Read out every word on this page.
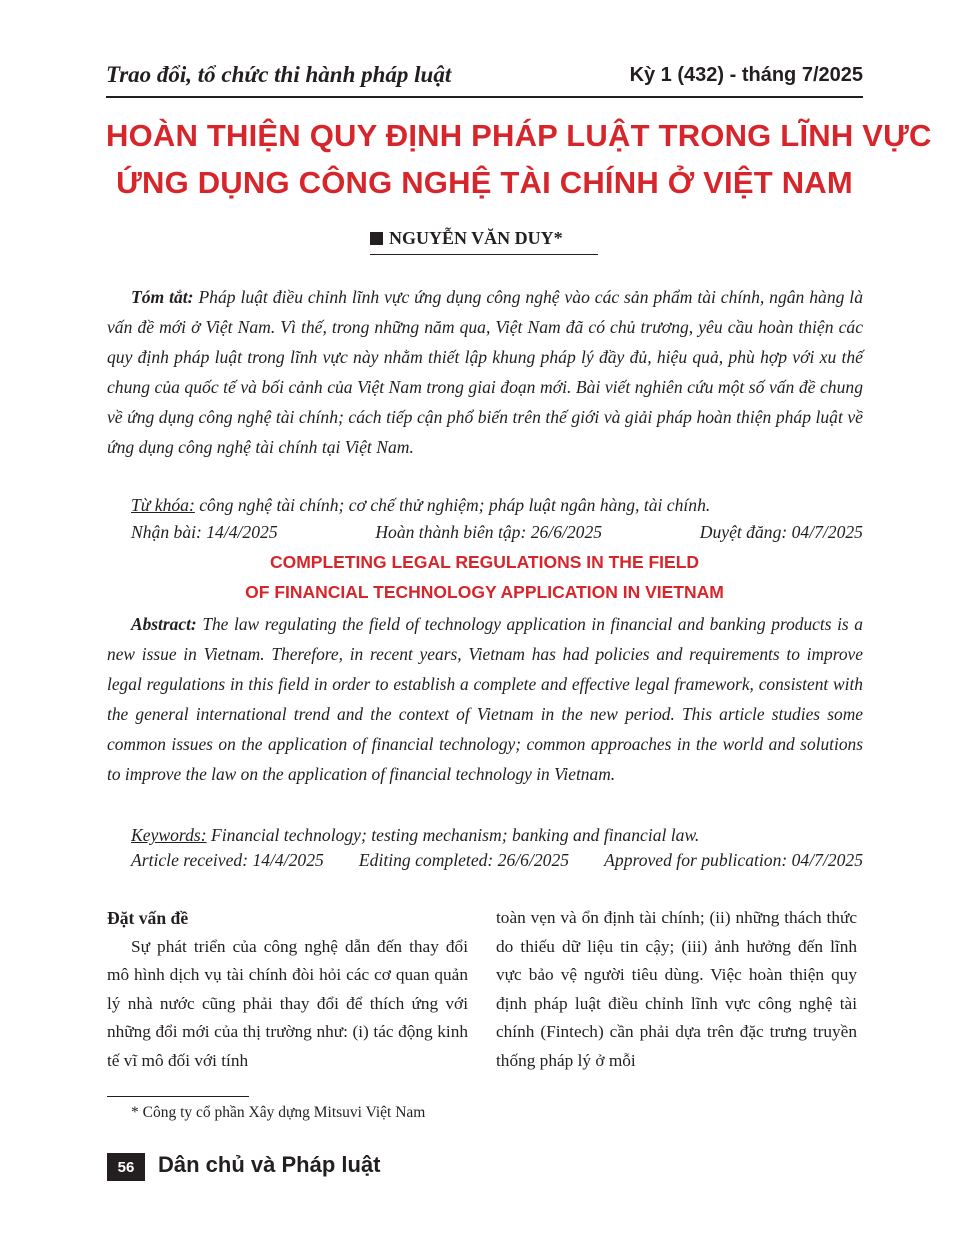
Trao đổi, tổ chức thi hành pháp luật	Kỳ 1 (432) - tháng 7/2025
HOÀN THIỆN QUY ĐỊNH PHÁP LUẬT TRONG LĨNH VỰC
ỨNG DỤNG CÔNG NGHỆ TÀI CHÍNH Ở VIỆT NAM
NGUYỄN VĂN DUY*
Tóm tắt: Pháp luật điều chỉnh lĩnh vực ứng dụng công nghệ vào các sản phẩm tài chính, ngân hàng là vấn đề mới ở Việt Nam. Vì thế, trong những năm qua, Việt Nam đã có chủ trương, yêu cầu hoàn thiện các quy định pháp luật trong lĩnh vực này nhằm thiết lập khung pháp lý đầy đủ, hiệu quả, phù hợp với xu thế chung của quốc tế và bối cảnh của Việt Nam trong giai đoạn mới. Bài viết nghiên cứu một số vấn đề chung về ứng dụng công nghệ tài chính; cách tiếp cận phổ biến trên thế giới và giải pháp hoàn thiện pháp luật về ứng dụng công nghệ tài chính tại Việt Nam.
Từ khóa: công nghệ tài chính; cơ chế thử nghiệm; pháp luật ngân hàng, tài chính.
Nhận bài: 14/4/2025	Hoàn thành biên tập: 26/6/2025	Duyệt đăng: 04/7/2025
COMPLETING LEGAL REGULATIONS IN THE FIELD
OF FINANCIAL TECHNOLOGY APPLICATION IN VIETNAM
Abstract: The law regulating the field of technology application in financial and banking products is a new issue in Vietnam. Therefore, in recent years, Vietnam has had policies and requirements to improve legal regulations in this field in order to establish a complete and effective legal framework, consistent with the general international trend and the context of Vietnam in the new period. This article studies some common issues on the application of financial technology; common approaches in the world and solutions to improve the law on the application of financial technology in Vietnam.
Keywords: Financial technology; testing mechanism; banking and financial law.
Article received: 14/4/2025 Editing completed: 26/6/2025 Approved for publication: 04/7/2025
Đặt vấn đề
Sự phát triển của công nghệ dẫn đến thay đổi mô hình dịch vụ tài chính đòi hỏi các cơ quan quản lý nhà nước cũng phải thay đổi để thích ứng với những đổi mới của thị trường như: (i) tác động kinh tế vĩ mô đối với tính
toàn vẹn và ổn định tài chính; (ii) những thách thức do thiếu dữ liệu tin cậy; (iii) ảnh hưởng đến lĩnh vực bảo vệ người tiêu dùng. Việc hoàn thiện quy định pháp luật điều chỉnh lĩnh vực công nghệ tài chính (Fintech) cần phải dựa trên đặc trưng truyền thống pháp lý ở mỗi
* Công ty cổ phần Xây dựng Mitsuvi Việt Nam
56	Dân chủ và Pháp luật
